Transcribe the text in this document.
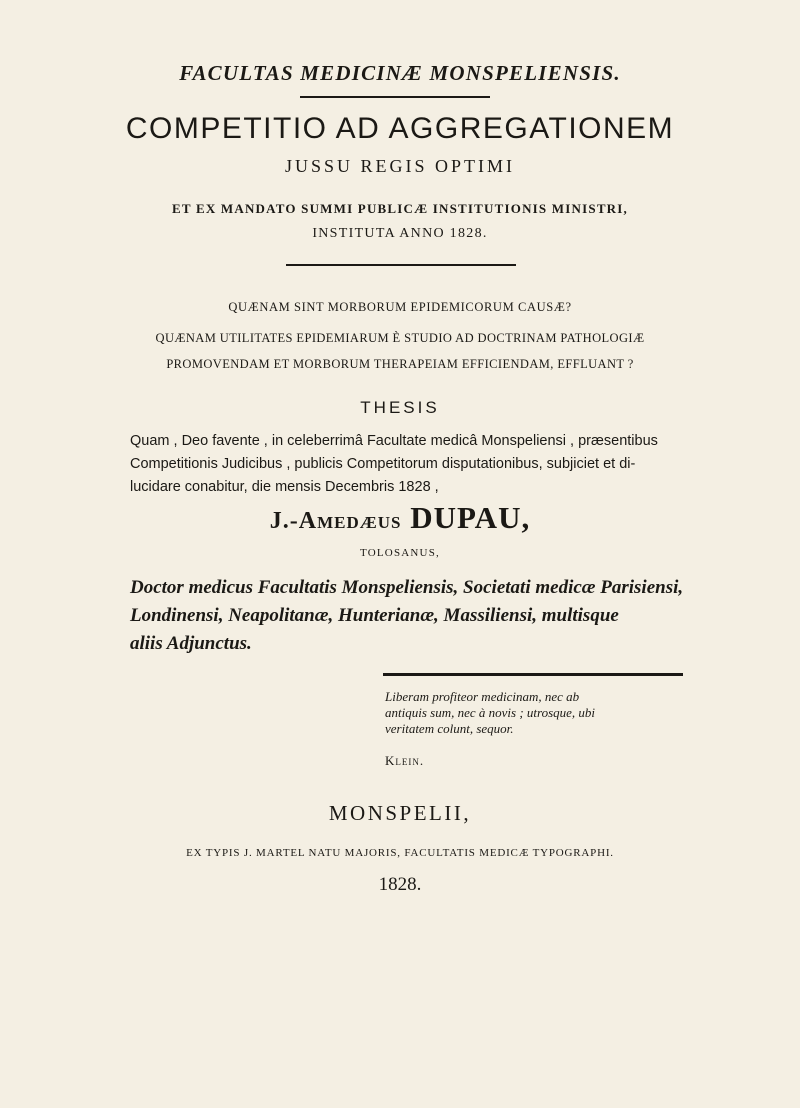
FACULTAS MEDICINÆ MONSPELIENSIS.
COMPETITIO AD AGGREGATIONEM
JUSSU REGIS OPTIMI
ET EX MANDATO SUMMI PUBLICÆ INSTITUTIONIS MINISTRI,
INSTITUTA ANNO 1828.
QUÆNAM SINT MORBORUM EPIDEMICORUM CAUSÆ?
QUÆNAM UTILITATES EPIDEMIARUM È STUDIO AD DOCTRINAM PATHOLOGIÆ
PROMOVENDAM ET MORBORUM THERAPEIAM EFFICIENDAM, EFFLUANT ?
THESIS
Quam , Deo favente , in celeberrimâ Facultate medicâ Monspeliensi , præsentibus
Competitionis Judicibus , publicis Competitorum disputationibus, subjiciet et di-
lucidare conabitur, die mensis Decembris 1828 ,
J.-Amedæus DUPAU,
TOLOSANUS,
Doctor medicus Facultatis Monspeliensis, Societati medicæ Parisiensi,
Londinensi, Neapolitanæ, Hunterianæ, Massiliensi, multisque
aliis Adjunctus.
Liberam profiteor medicinam, nec ab
antiquis sum, nec à novis ; utrosque, ubi
veritatem colunt, sequor.

Klein.
MONSPELII,
EX TYPIS J. MARTEL NATU MAJORIS, FACULTATIS MEDICÆ TYPOGRAPHI.
1828.
